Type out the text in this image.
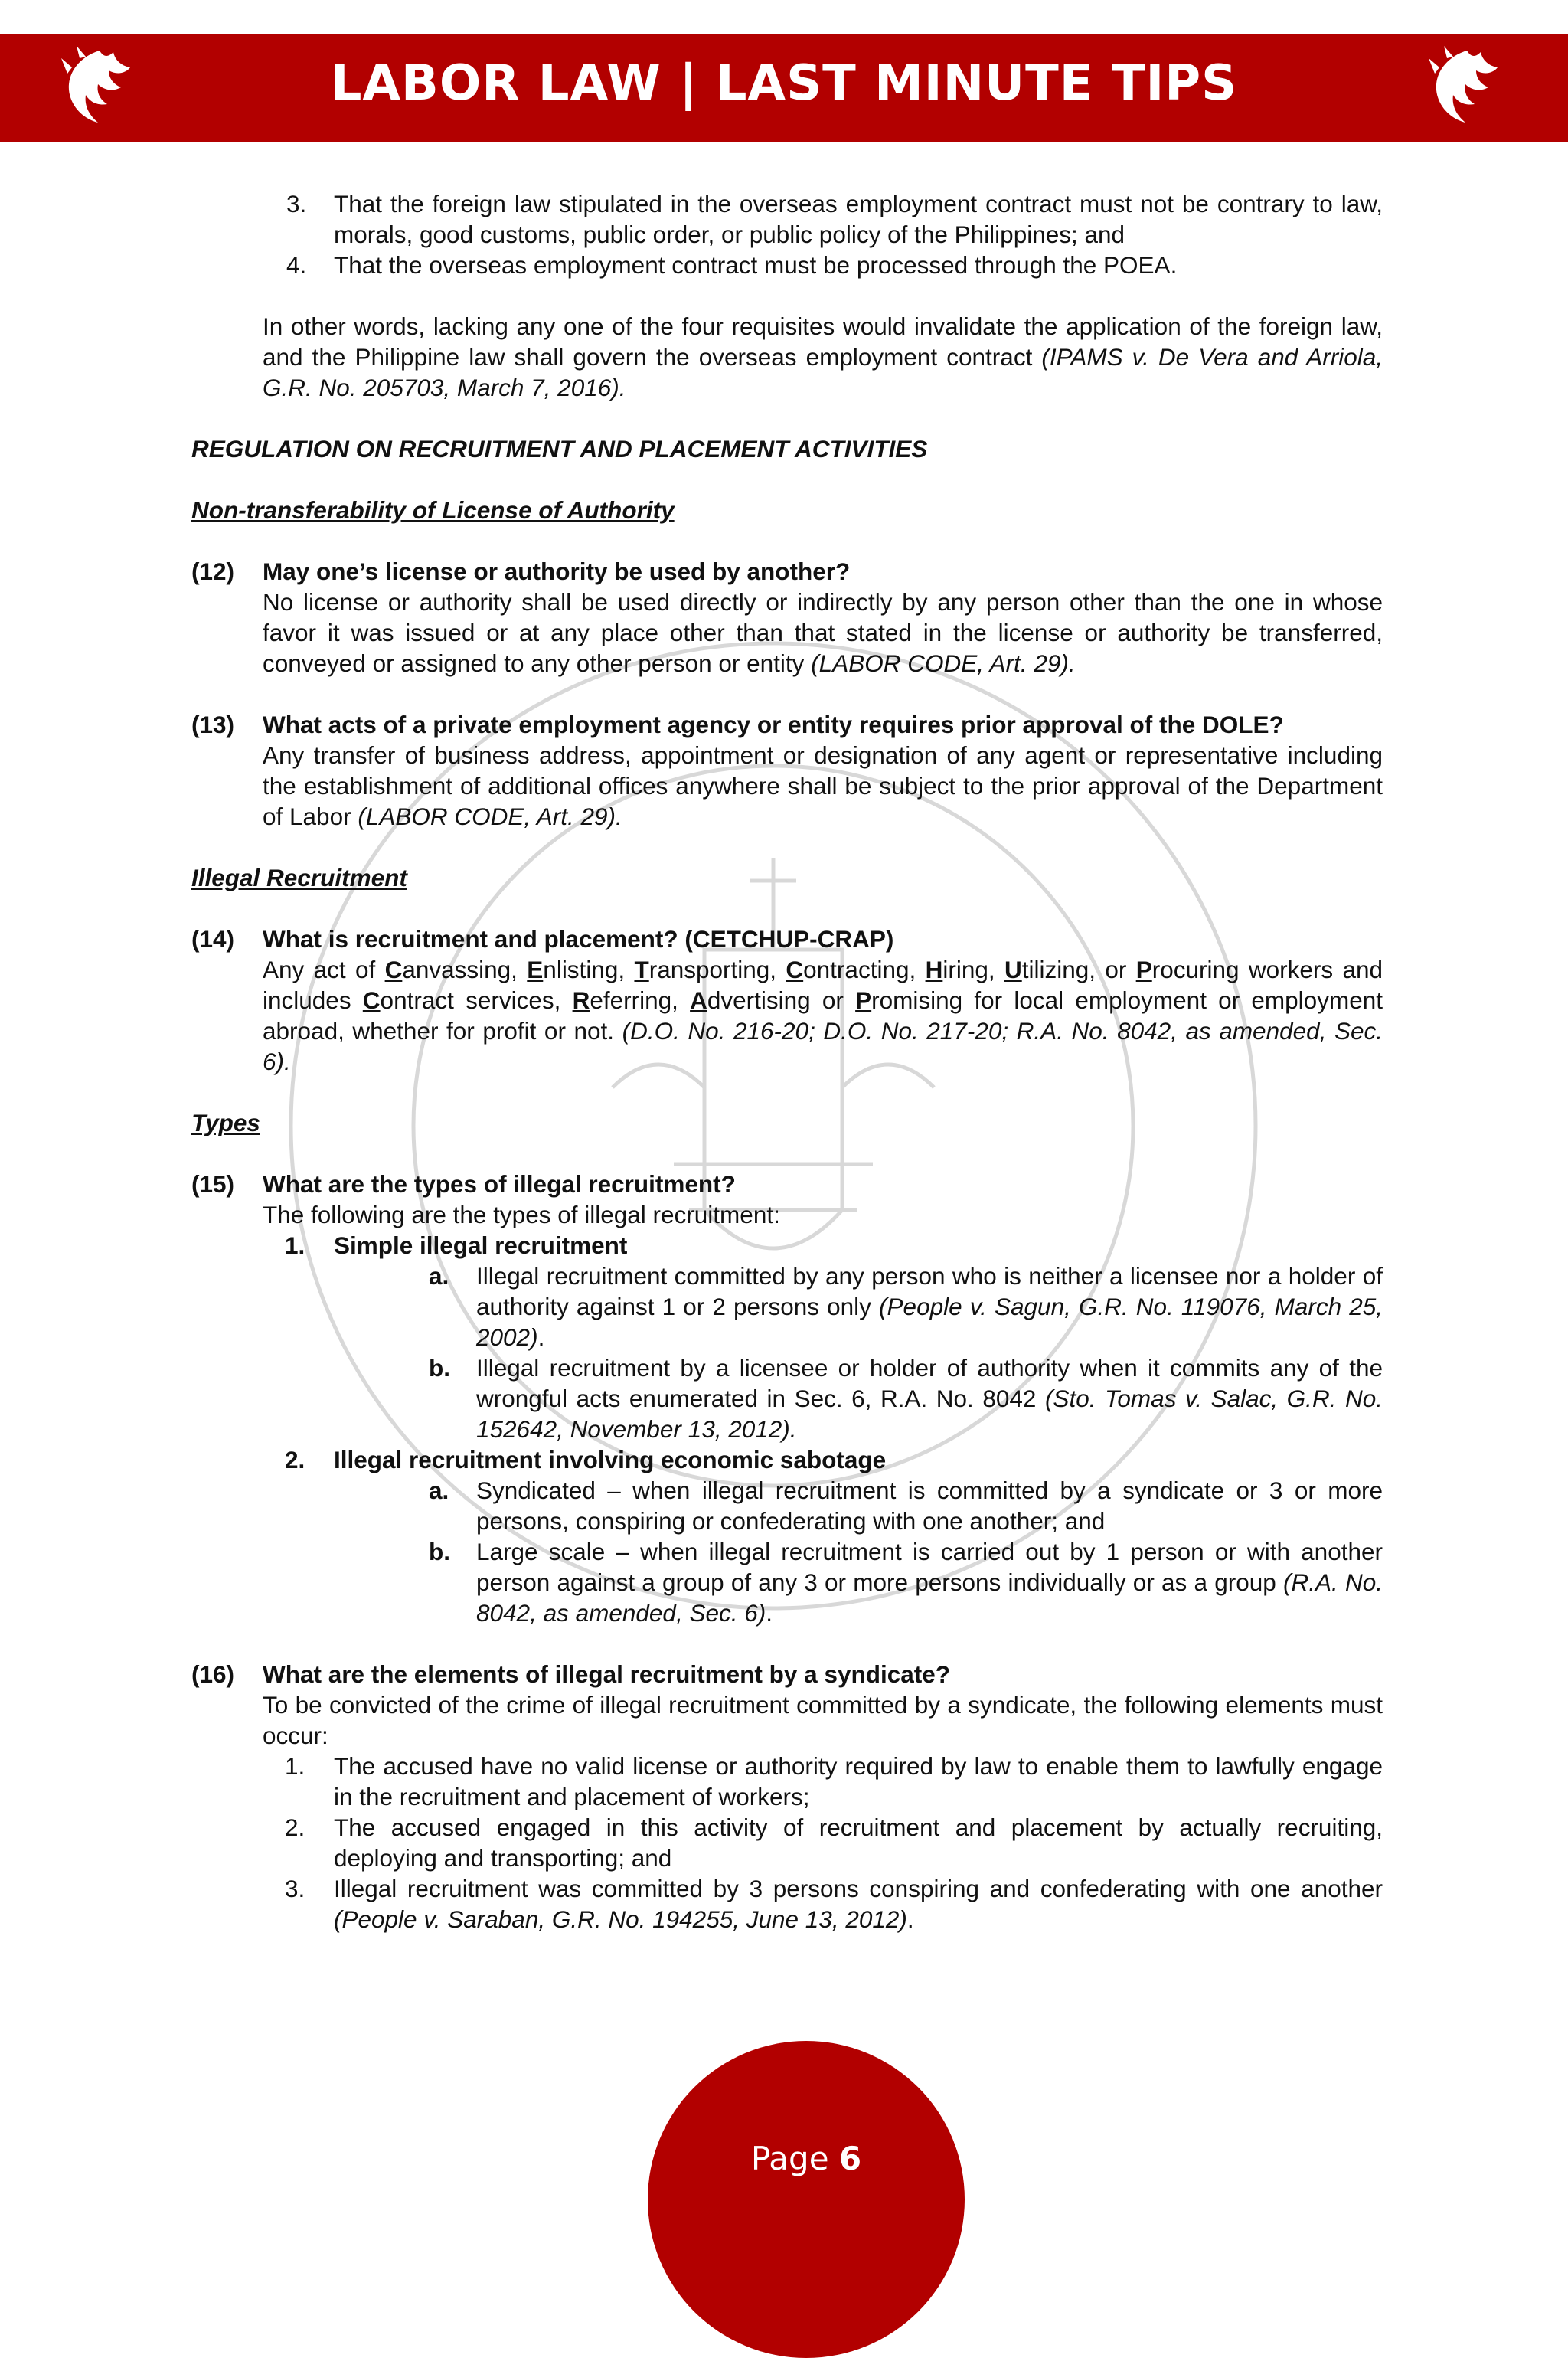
LABOR LAW | LAST MINUTE TIPS
3. That the foreign law stipulated in the overseas employment contract must not be contrary to law, morals, good customs, public order, or public policy of the Philippines; and

4. That the overseas employment contract must be processed through the POEA.

In other words, lacking any one of the four requisites would invalidate the application of the foreign law, and the Philippine law shall govern the overseas employment contract (IPAMS v. De Vera and Arriola, G.R. No. 205703, March 7, 2016).

REGULATION ON RECRUITMENT AND PLACEMENT ACTIVITIES

Non-transferability of License of Authority

(12) May one’s license or authority be used by another?

No license or authority shall be used directly or indirectly by any person other than the one in whose favor it was issued or at any place other than that stated in the license or authority be transferred, conveyed or assigned to any other person or entity (LABOR CODE, Art. 29).

(13) What acts of a private employment agency or entity requires prior approval of the DOLE?

Any transfer of business address, appointment or designation of any agent or representative including the establishment of additional offices anywhere shall be subject to the prior approval of the Department of Labor (LABOR CODE, Art. 29).

Illegal Recruitment

(14) What is recruitment and placement? (CETCHUP-CRAP)

Any act of Canvassing, Enlisting, Transporting, Contracting, Hiring, Utilizing, or Procuring workers and includes Contract services, Referring, Advertising or Promising for local employment or employment abroad, whether for profit or not. (D.O. No. 216-20; D.O. No. 217-20; R.A. No. 8042, as amended, Sec. 6).

Types

(15) What are the types of illegal recruitment?

The following are the types of illegal recruitment:

1. Simple illegal recruitment

a. Illegal recruitment committed by any person who is neither a licensee nor a holder of authority against 1 or 2 persons only (People v. Sagun, G.R. No. 119076, March 25, 2002).

b. Illegal recruitment by a licensee or holder of authority when it commits any of the wrongful acts enumerated in Sec. 6, R.A. No. 8042 (Sto. Tomas v. Salac, G.R. No. 152642, November 13, 2012).

2. Illegal recruitment involving economic sabotage

a. Syndicated – when illegal recruitment is committed by a syndicate or 3 or more persons, conspiring or confederating with one another; and

b. Large scale – when illegal recruitment is carried out by 1 person or with another person against a group of any 3 or more persons individually or as a group (R.A. No. 8042, as amended, Sec. 6).

(16) What are the elements of illegal recruitment by a syndicate?

To be convicted of the crime of illegal recruitment committed by a syndicate, the following elements must occur:

1. The accused have no valid license or authority required by law to enable them to lawfully engage in the recruitment and placement of workers;

2. The accused engaged in this activity of recruitment and placement by actually recruiting, deploying and transporting; and

3. Illegal recruitment was committed by 3 persons conspiring and confederating with one another (People v. Saraban, G.R. No. 194255, June 13, 2012).

Page 6
